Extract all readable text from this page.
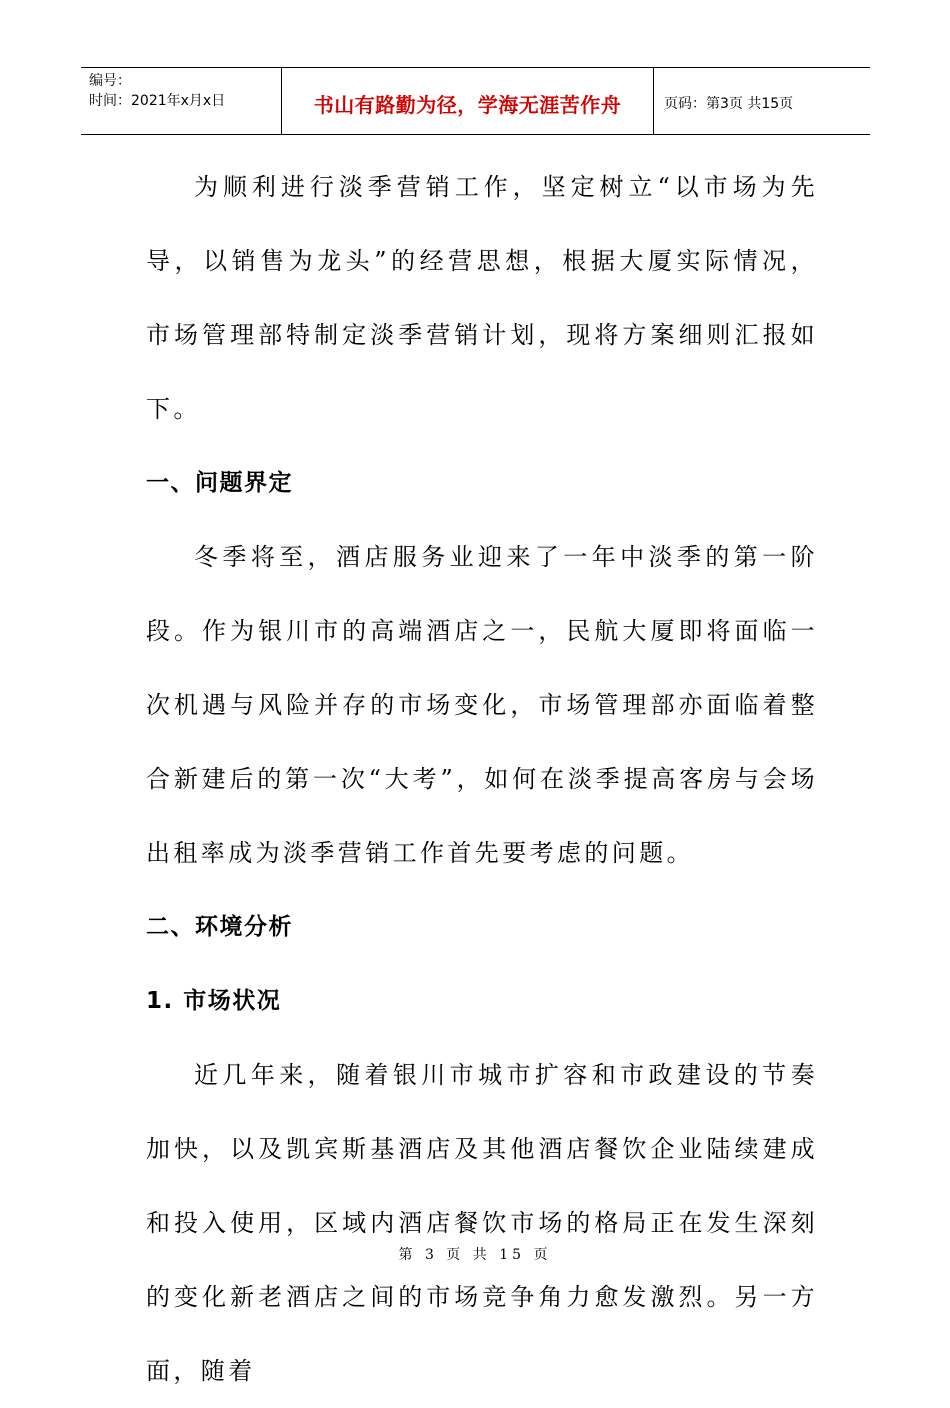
编号：
时间：2021年x月x日	书山有路勤为径，学海无涯苦作舟	页码：第3页 共15页

为顺利进行淡季营销工作，坚定树立“以市场为先导，以销售为龙头”的经营思想，根据大厦实际情况，市场管理部特制定淡季营销计划，现将方案细则汇报如下。

一、问题界定

冬季将至，酒店服务业迎来了一年中淡季的第一阶段。作为银川市的高端酒店之一，民航大厦即将面临一次机遇与风险并存的市场变化，市场管理部亦面临着整合新建后的第一次“大考”，如何在淡季提高客房与会场出租率成为淡季营销工作首先要考虑的问题。

二、环境分析
1. 市场状况

近几年来，随着银川市城市扩容和市政建设的节奏加快，以及凯宾斯基酒店及其他酒店餐饮企业陆续建成和投入使用，区域内酒店餐饮市场的格局正在发生深刻的变化新老酒店之间的市场竞争角力愈发激烈。另一方面，随着

第 3 页 共 15 页
